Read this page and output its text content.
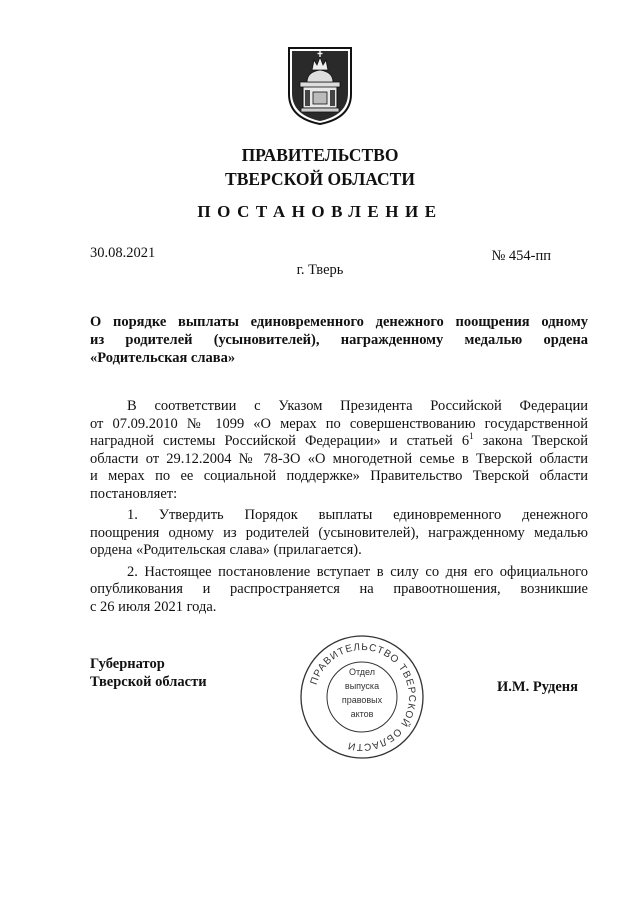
ПРАВИТЕЛЬСТВО
ТВЕРСКОЙ ОБЛАСТИ
ПОСТАНОВЛЕНИЕ
30.08.2021	№ 454-пп
г. Тверь
О порядке выплаты единовременного денежного поощрения одному
из родителей (усыновителей), награжденному медалью ордена
«Родительская слава»
В соответствии с Указом Президента Российской Федерации
от 07.09.2010 № 1099 «О мерах по совершенствованию государственной
наградной системы Российской Федерации» и статьей $6^1$ закона Тверской
области от 29.12.2004 № 78-ЗО «О многодетной семье в Тверской области
и мерах по ее социальной поддержке» Правительство Тверской области
постановляет:
1. Утвердить Порядок выплаты единовременного денежного
поощрения одному из родителей (усыновителей), награжденному медалью
ордена «Родительская слава» (прилагается).
2. Настоящее постановление вступает в силу со дня его официального
опубликования и распространяется на правоотношения, возникшие
с 26 июля 2021 года.
Губернатор
Тверской области	И.М. Руденя
ПРАВИТЕЛЬСТВО ТВЕРСКОЙ ОБЛАСТИ
Отдел
выпуска
правовых
актов
